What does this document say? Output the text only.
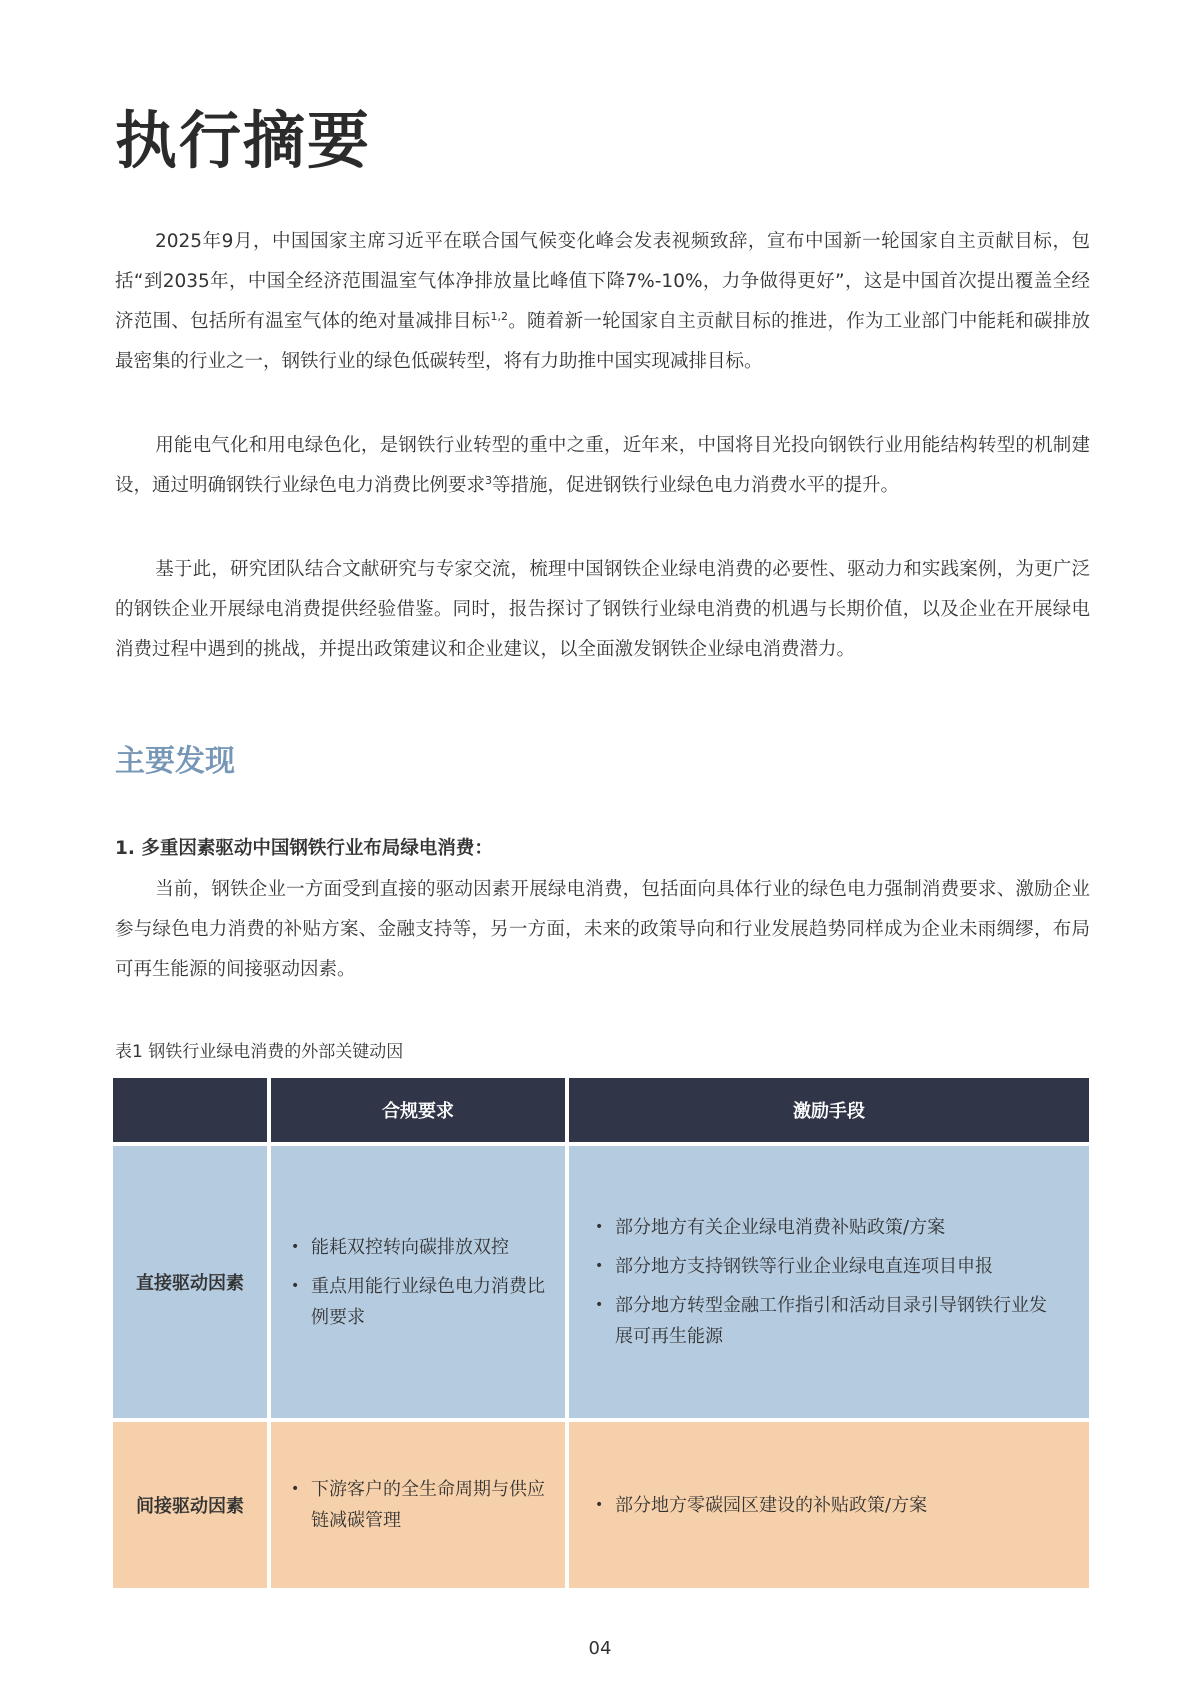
执行摘要

2025年9月，中国国家主席习近平在联合国气候变化峰会发表视频致辞，宣布中国新一轮国家自主贡献目标，包括“到2035年，中国全经济范围温室气体净排放量比峰值下降7%-10%，力争做得更好”，这是中国首次提出覆盖全经济范围、包括所有温室气体的绝对量减排目标$^{1,2}$。随着新一轮国家自主贡献目标的推进，作为工业部门中能耗和碳排放最密集的行业之一，钢铁行业的绿色低碳转型，将有力助推中国实现减排目标。

用能电气化和用电绿色化，是钢铁行业转型的重中之重，近年来，中国将目光投向钢铁行业用能结构转型的机制建设，通过明确钢铁行业绿色电力消费比例要求$^3$等措施，促进钢铁行业绿色电力消费水平的提升。

基于此，研究团队结合文献研究与专家交流，梳理中国钢铁企业绿电消费的必要性、驱动力和实践案例，为更广泛的钢铁企业开展绿电消费提供经验借鉴。同时，报告探讨了钢铁行业绿电消费的机遇与长期价值，以及企业在开展绿电消费过程中遇到的挑战，并提出政策建议和企业建议，以全面激发钢铁企业绿电消费潜力。

主要发现
1. 多重因素驱动中国钢铁行业布局绿电消费：

当前，钢铁企业一方面受到直接的驱动因素开展绿电消费，包括面向具体行业的绿色电力强制消费要求、激励企业参与绿色电力消费的补贴方案、金融支持等，另一方面，未来的政策导向和行业发展趋势同样成为企业未雨绸缪，布局可再生能源的间接驱动因素。

表1 钢铁行业绿电消费的外部关键动因

合规要求	激励手段
直接驱动因素
• 能耗双控转向碳排放双控
• 重点用能行业绿色电力消费比例要求
• 部分地方有关企业绿电消费补贴政策/方案
• 部分地方支持钢铁等行业企业绿电直连项目申报
• 部分地方转型金融工作指引和活动目录引导钢铁行业发展可再生能源
间接驱动因素
• 下游客户的全生命周期与供应链减碳管理
• 部分地方零碳园区建设的补贴政策/方案

04
